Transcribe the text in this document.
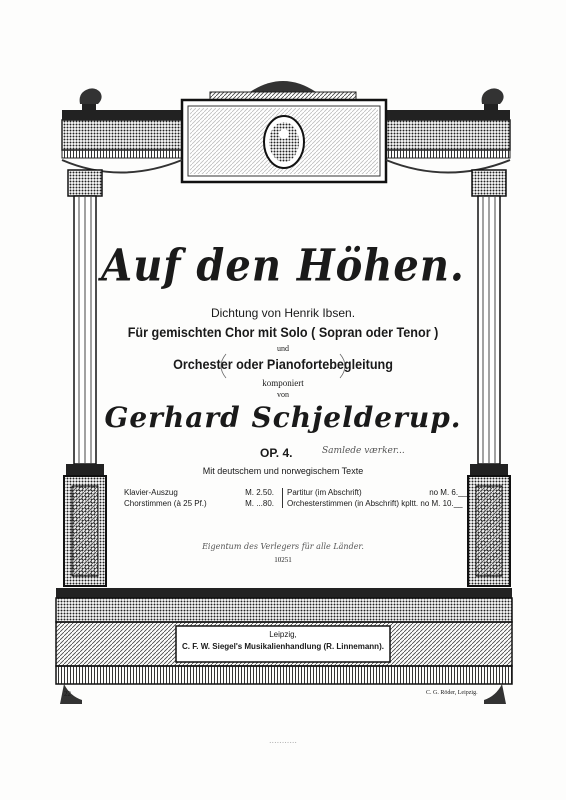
Auf den Höhen.
Dichtung von Henrik Ibsen.
Für gemischten Chor mit Solo ( Sopran oder Tenor )
und
Orchester oder Pianofortebegleitung
komponiert
von
Gerhard Schjelderup.
OP. 4.	Samlede værker...
Mit deutschem und norwegischem Texte
Klavier-Auszug	M. 2.50.
Chorstimmen (à 25 Pf.)	M. ...80.
Partitur (im Abschrift)	no M. 6.__
Orchesterstimmen (in Abschrift) kpltt. no M. 10.__
Eigentum des Verlegers für alle Länder.
10251
Leipzig,
C. F. W. Siegel's Musikalienhandlung (R. Linnemann).
22	C. G. Röder, Leipzig.
...........
